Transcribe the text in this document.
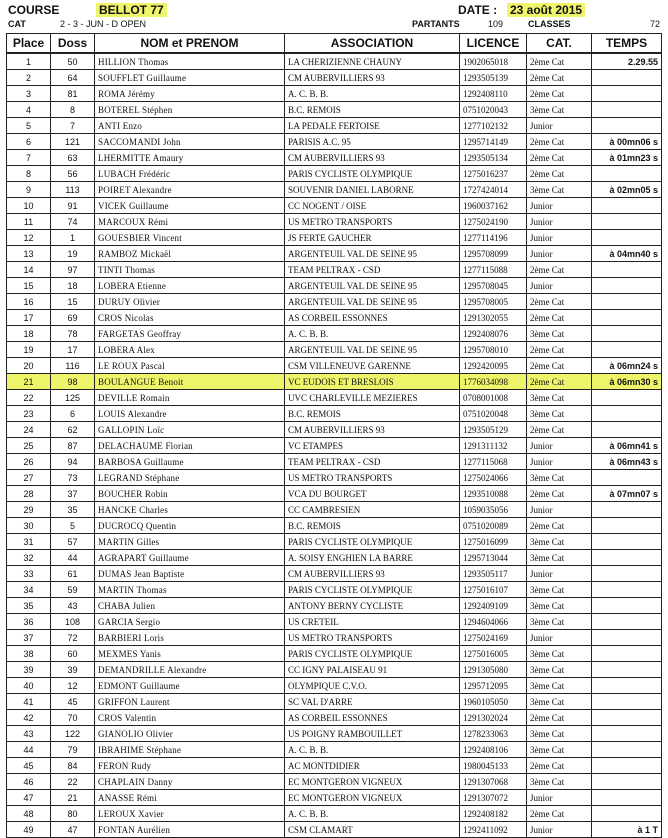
COURSE	BELLOT 77	DATE : 23 août 2015
CAT	2 - 3 - JUN - D OPEN	PARTANTS	109	CLASSES	72
Place	Doss	NOM et PRENOM	ASSOCIATION	LICENCE	CAT.	TEMPS
1	50	HILLION Thomas	LA CHERIZIENNE CHAUNY	1902065018	2ème Cat	2.29.55
2	64	SOUFFLET Guillaume	CM AUBERVILLIERS 93	1293505139	2ème Cat	
3	81	ROMA Jérémy	A. C. B. B.	1292408110	2ème Cat	
4	8	BOTEREL Stéphen	B.C. REMOIS	0751020043	3ème Cat	
5	7	ANTI Enzo	LA PEDALE FERTOISE	1277102132	Junior	
6	121	SACCOMANDI John	PARISIS A.C. 95	1295714149	2ème Cat	à 00mn06 s
7	63	LHERMITTE Amaury	CM AUBERVILLIERS 93	1293505134	2ème Cat	à 01mn23 s
8	56	LUBACH Frédéric	PARIS CYCLISTE OLYMPIQUE	1275016237	2ème Cat	
9	113	POIRET Alexandre	SOUVENIR DANIEL LABORNE	1727424014	3ème Cat	à 02mn05 s
10	91	VICEK Guillaume	CC NOGENT / OISE	1960037162	Junior	
11	74	MARCOUX Rémi	US METRO TRANSPORTS	1275024190	Junior	
12	1	GOUESBIER Vincent	JS FERTE GAUCHER	1277114196	Junior	
13	19	RAMBOZ Mickaël	ARGENTEUIL VAL DE SEINE 95	1295708099	Junior	à 04mn40 s
14	97	TINTI Thomas	TEAM PELTRAX - CSD	1277115088	2ème Cat	
15	18	LOBERA Etienne	ARGENTEUIL VAL DE SEINE 95	1295708045	Junior	
16	15	DURUY Olivier	ARGENTEUIL VAL DE SEINE 95	1295708005	2ème Cat	
17	69	CROS Nicolas	AS CORBEIL ESSONNES	1291302055	2ème Cat	
18	78	FARGETAS Geoffray	A. C. B. B.	1292408076	3ème Cat	
19	17	LOBERA Alex	ARGENTEUIL VAL DE SEINE 95	1295708010	2ème Cat	
20	116	LE ROUX Pascal	CSM VILLENEUVE GARENNE	1292420095	2ème Cat	à 06mn24 s
21	98	BOULANGUE Benoit	VC EUDOIS ET BRESLOIS	1776034098	2ème Cat	à 06mn30 s
22	125	DEVILLE Romain	UVC CHARLEVILLE MEZIERES	0708001008	3ème Cat	
23	6	LOUIS Alexandre	B.C. REMOIS	0751020048	3ème Cat	
24	62	GALLOPIN Loïc	CM AUBERVILLIERS 93	1293505129	2ème Cat	
25	87	DELACHAUME Florian	VC ETAMPES	1291311132	Junior	à 06mn41 s
26	94	BARBOSA Guillaume	TEAM PELTRAX - CSD	1277115068	Junior	à 06mn43 s
27	73	LEGRAND Stéphane	US METRO TRANSPORTS	1275024066	3ème Cat	
28	37	BOUCHER Robin	VCA DU BOURGET	1293510088	2ème Cat	à 07mn07 s
29	35	HANCKE Charles	CC CAMBRESIEN	1059035056	Junior	
30	5	DUCROCQ Quentin	B.C. REMOIS	0751020089	2ème Cat	
31	57	MARTIN Gilles	PARIS CYCLISTE OLYMPIQUE	1275016099	3ème Cat	
32	44	AGRAPART Guillaume	A. SOISY ENGHIEN LA BARRE	1295713044	3ème Cat	
33	61	DUMAS Jean Baptiste	CM AUBERVILLIERS 93	1293505117	Junior	
34	59	MARTIN Thomas	PARIS CYCLISTE OLYMPIQUE	1275016107	3ème Cat	
35	43	CHABA Julien	ANTONY BERNY CYCLISTE	1292409109	3ème Cat	
36	108	GARCIA Sergio	US CRETEIL	1294604066	3ème Cat	
37	72	BARBIERI Loris	US METRO TRANSPORTS	1275024169	Junior	
38	60	MEXMES Yanis	PARIS CYCLISTE OLYMPIQUE	1275016005	3ème Cat	
39	39	DEMANDRILLE Alexandre	CC IGNY PALAISEAU 91	1291305080	3ème Cat	
40	12	EDMONT Guillaume	OLYMPIQUE C.V.O.	1295712095	3ème Cat	
41	45	GRIFFON Laurent	SC VAL D'ARRE	1960105050	3ème Cat	
42	70	CROS Valentin	AS CORBEIL ESSONNES	1291302024	2ème Cat	
43	122	GIANOLIO Olivier	US POIGNY RAMBOUILLET	1278233063	3ème Cat	
44	79	IBRAHIME Stéphane	A. C. B. B.	1292408106	3ème Cat	
45	84	FERON Rudy	AC MONTDIDIER	1980045133	2ème Cat	
46	22	CHAPLAIN Danny	EC MONTGERON VIGNEUX	1291307068	3ème Cat	
47	21	ANASSE Rémi	EC MONTGERON VIGNEUX	1291307072	Junior	
48	80	LEROUX Xavier	A. C. B. B.	1292408182	2ème Cat	
49	47	FONTAN Aurélien	CSM CLAMART	1292411092	Junior	à 1 T
